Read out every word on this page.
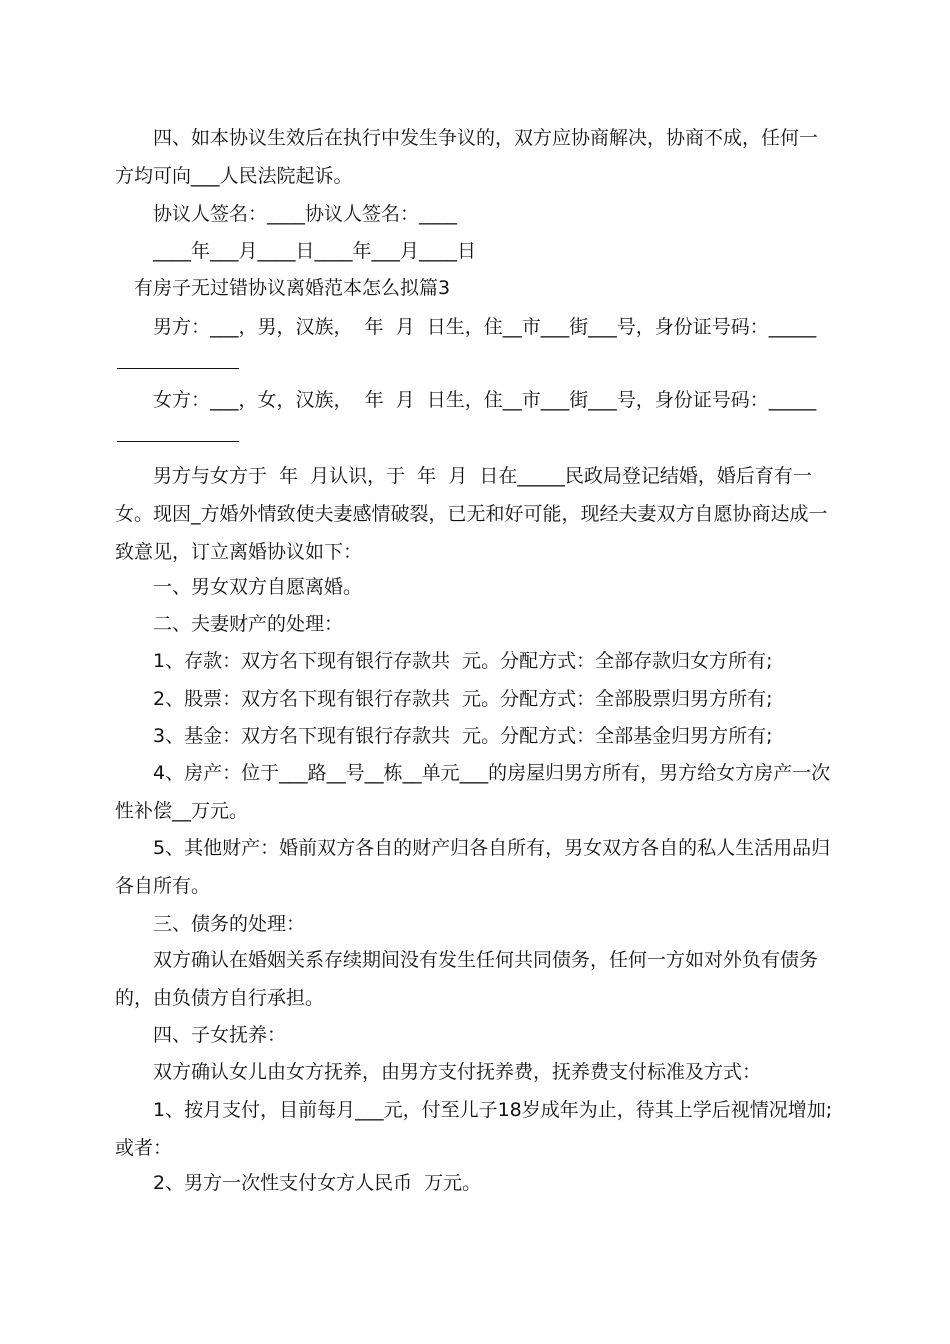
　　四、如本协议生效后在执行中发生争议的，双方应协商解决，协商不成，任何一方均可向___人民法院起诉。

　　协议人签名：____协议人签名：____

　　____年___月____日____年___月____日

有房子无过错协议离婚范本怎么拟篇3

　　男方：___，男，汉族，  年  月  日生，住__市___街___号，身份证号码：_____

　　女方：___，女，汉族，  年  月  日生，住__市___街___号，身份证号码：_____

　　男方与女方于  年  月认识，于  年  月  日在_____民政局登记结婚，婚后育有一女。现因_方婚外情致使夫妻感情破裂，已无和好可能，现经夫妻双方自愿协商达成一致意见，订立离婚协议如下：

　　一、男女双方自愿离婚。

　　二、夫妻财产的处理：

　　1、存款：双方名下现有银行存款共  元。分配方式：全部存款归女方所有;

　　2、股票：双方名下现有银行存款共  元。分配方式：全部股票归男方所有;

　　3、基金：双方名下现有银行存款共  元。分配方式：全部基金归男方所有;

　　4、房产：位于___路__号__栋__单元___的房屋归男方所有，男方给女方房产一次性补偿__万元。

　　5、其他财产：婚前双方各自的财产归各自所有，男女双方各自的私人生活用品归各自所有。

　　三、债务的处理：

　　双方确认在婚姻关系存续期间没有发生任何共同债务，任何一方如对外负有债务的，由负债方自行承担。

　　四、子女抚养：

　　双方确认女儿由女方抚养，由男方支付抚养费，抚养费支付标准及方式：

　　1、按月支付，目前每月___元，付至儿子18岁成年为止，待其上学后视情况增加;或者：

　　2、男方一次性支付女方人民币  万元。
